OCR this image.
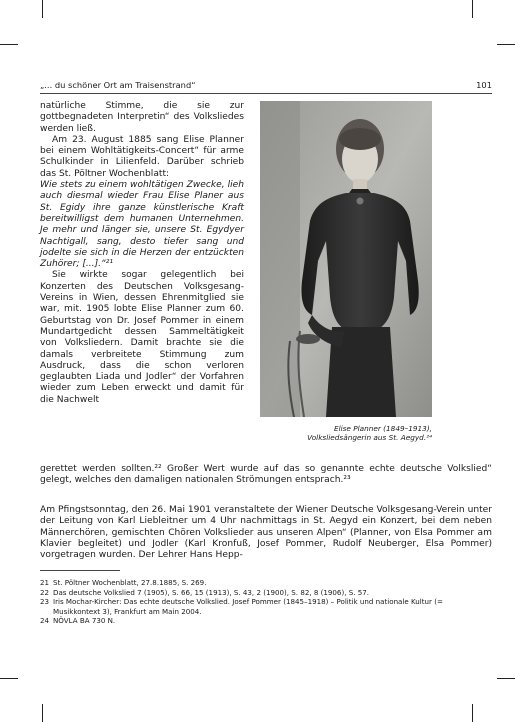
„... du schöner Ort am Traisenstrand“	101

natürliche Stimme, die sie zur gottbegnadeten Interpretin“ des Volksliedes werden ließ.

Am 23. August 1885 sang Elise Planner bei einem Wohltätigkeits-Concert“ für arme Schulkinder in Lilienfeld. Darüber schrieb das St. Pöltner Wochenblatt:

Wie stets zu einem wohltätigen Zwecke, lieh auch diesmal wieder Frau Elise Planer aus St. Egidy ihre ganze künstlerische Kraft bereitwilligst dem humanen Unternehmen. Je mehr und länger sie, unsere St. Egydyer Nachtigall, sang, desto tiefer sang und jodelte sie sich in die Herzen der entzückten Zuhörer; [...].“²¹

Sie wirkte sogar gelegentlich bei Konzerten des Deutschen Volksgesang-Vereins in Wien, dessen Ehrenmitglied sie war, mit. 1905 lobte Elise Planner zum 60. Geburtstag von Dr. Josef Pommer in einem Mundartgedicht dessen Sammeltätigkeit von Volksliedern. Damit brachte sie die damals verbreitete Stimmung zum Ausdruck, dass die schon verloren geglaubten Liada und Jodler“ der Vorfahren wieder zum Leben erweckt und damit für die Nachwelt

Elise Planner (1849–1913),
Volksliedsängerin aus St. Aegyd.²⁴

gerettet werden sollten.²² Großer Wert wurde auf das so genannte echte deutsche Volkslied“ gelegt, welches den damaligen nationalen Strömungen entsprach.²³

Am Pfingstsonntag, den 26. Mai 1901 veranstaltete der Wiener Deutsche Volksgesang-Verein unter der Leitung von Karl Liebleitner um 4 Uhr nachmittags in St. Aegyd ein Konzert, bei dem neben Männerchören, gemischten Chören Volkslieder aus unseren Alpen“ (Planner, von Elsa Pommer am Klavier begleitet) und Jodler (Karl Kronfuß, Josef Pommer, Rudolf Neuberger, Elsa Pommer) vorgetragen wurden. Der Lehrer Hans Hepp-

21 St. Pöltner Wochenblatt, 27.8.1885, S. 269.
22 Das deutsche Volkslied 7 (1905), S. 66, 15 (1913), S. 43, 2 (1900), S. 82, 8 (1906), S. 57.
23 Iris Mochar-Kircher: Das echte deutsche Volkslied. Josef Pommer (1845–1918) – Politik und nationale Kultur (= Musikkontext 3), Frankfurt am Main 2004.
24 NÖVLA BA 730 N.
